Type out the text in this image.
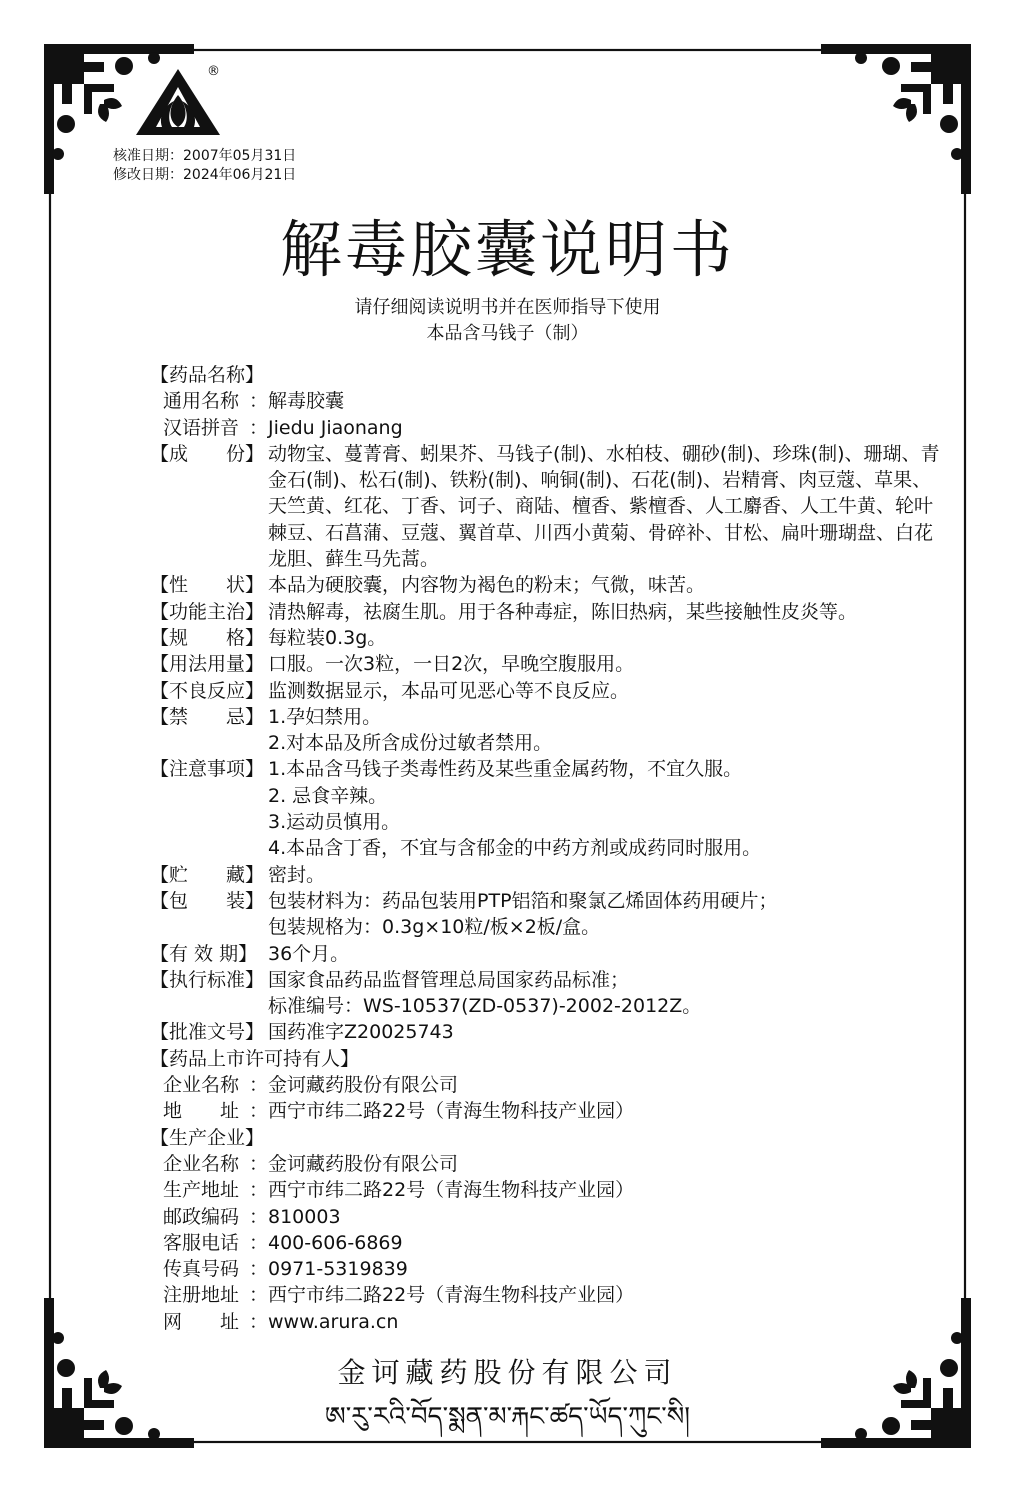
®
核准日期：2007年05月31日
修改日期：2024年06月21日
解毒胶囊说明书
请仔细阅读说明书并在医师指导下使用
本品含马钱子（制）
【药品名称】
通用名称 ： 解毒胶囊
汉语拼音 ： Jiedu Jiaonang
【成　　份】 动物宝、蔓菁膏、蚓果芥、马钱子(制)、水柏枝、硼砂(制)、珍珠(制)、珊瑚、青金石(制)、松石(制)、铁粉(制)、响铜(制)、石花(制)、岩精膏、肉豆蔻、草果、天竺黄、红花、丁香、诃子、商陆、檀香、紫檀香、人工麝香、人工牛黄、轮叶棘豆、石菖蒲、豆蔻、翼首草、川西小黄菊、骨碎补、甘松、扁叶珊瑚盘、白花龙胆、藓生马先蒿。
【性　　状】 本品为硬胶囊，内容物为褐色的粉末；气微，味苦。
【功能主治】 清热解毒，祛腐生肌。用于各种毒症，陈旧热病，某些接触性皮炎等。
【规　　格】 每粒装0.3g。
【用法用量】 口服。一次3粒，一日2次，早晚空腹服用。
【不良反应】 监测数据显示，本品可见恶心等不良反应。
【禁　　忌】 1.孕妇禁用。
2.对本品及所含成份过敏者禁用。
【注意事项】 1.本品含马钱子类毒性药及某些重金属药物，不宜久服。
2. 忌食辛辣。
3.运动员慎用。
4.本品含丁香，不宜与含郁金的中药方剂或成药同时服用。
【贮　　藏】 密封。
【包　　装】 包装材料为：药品包装用PTP铝箔和聚氯乙烯固体药用硬片；
包装规格为：0.3g×10粒/板×2板/盒。
【有 效 期】 36个月。
【执行标准】 国家食品药品监督管理总局国家药品标准；
标准编号：WS-10537(ZD-0537)-2002-2012Z。
【批准文号】 国药准字Z20025743
【药品上市许可持有人】
企业名称 ： 金诃藏药股份有限公司
地　　址 ： 西宁市纬二路22号（青海生物科技产业园）
【生产企业】
企业名称 ： 金诃藏药股份有限公司
生产地址 ： 西宁市纬二路22号（青海生物科技产业园）
邮政编码 ： 810003
客服电话 ： 400-606-6869
传真号码 ： 0971-5319839
注册地址 ： 西宁市纬二路22号（青海生物科技产业园）
网　　址 ： www.arura.cn
金诃藏药股份有限公司
ཨ་རུ་རའི་བོད་སྨན་མ་རྐང་ཚད་ཡོད་ཀུང་སི།
